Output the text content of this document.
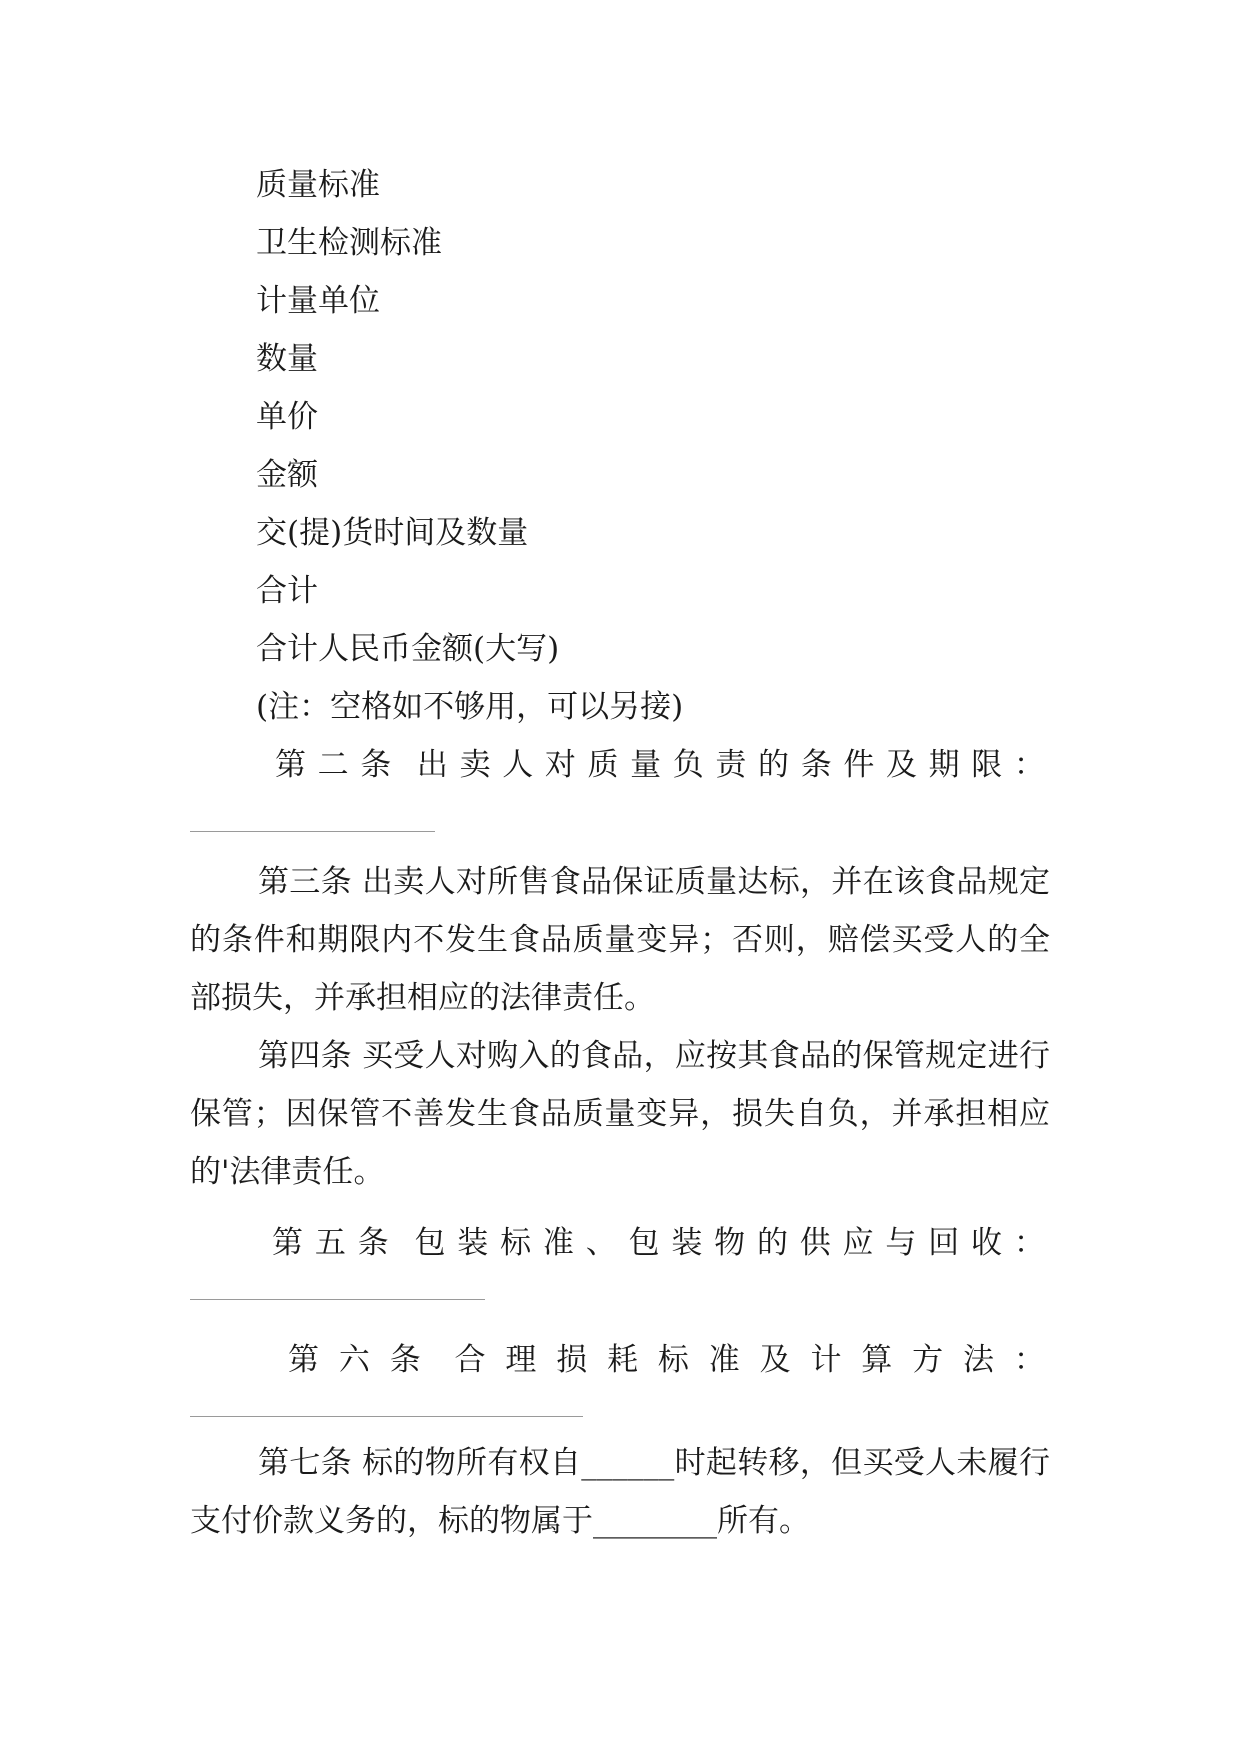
质量标准
卫生检测标准
计量单位
数量
单价
金额
交(提)货时间及数量
合计
合计人民币金额(大写)
(注：空格如不够用，可以另接)
第 二 条 出 卖 人 对 质 量 负 责 的 条 件 及 期 限 ：
第三条 出卖人对所售食品保证质量达标，并在该食品规定的条件和期限内不发生食品质量变异；否则，赔偿买受人的全部损失，并承担相应的法律责任。
第四条 买受人对购入的食品，应按其食品的保管规定进行保管；因保管不善发生食品质量变异，损失自负，并承担相应的'法律责任。
第 五 条 包 装 标 准 、 包 装 物 的 供 应 与 回 收 ：
第 六 条 合 理 损 耗 标 准 及 计 算 方 法 ：
第七条 标的物所有权自______时起转移，但买受人未履行支付价款义务的，标的物属于________所有。
